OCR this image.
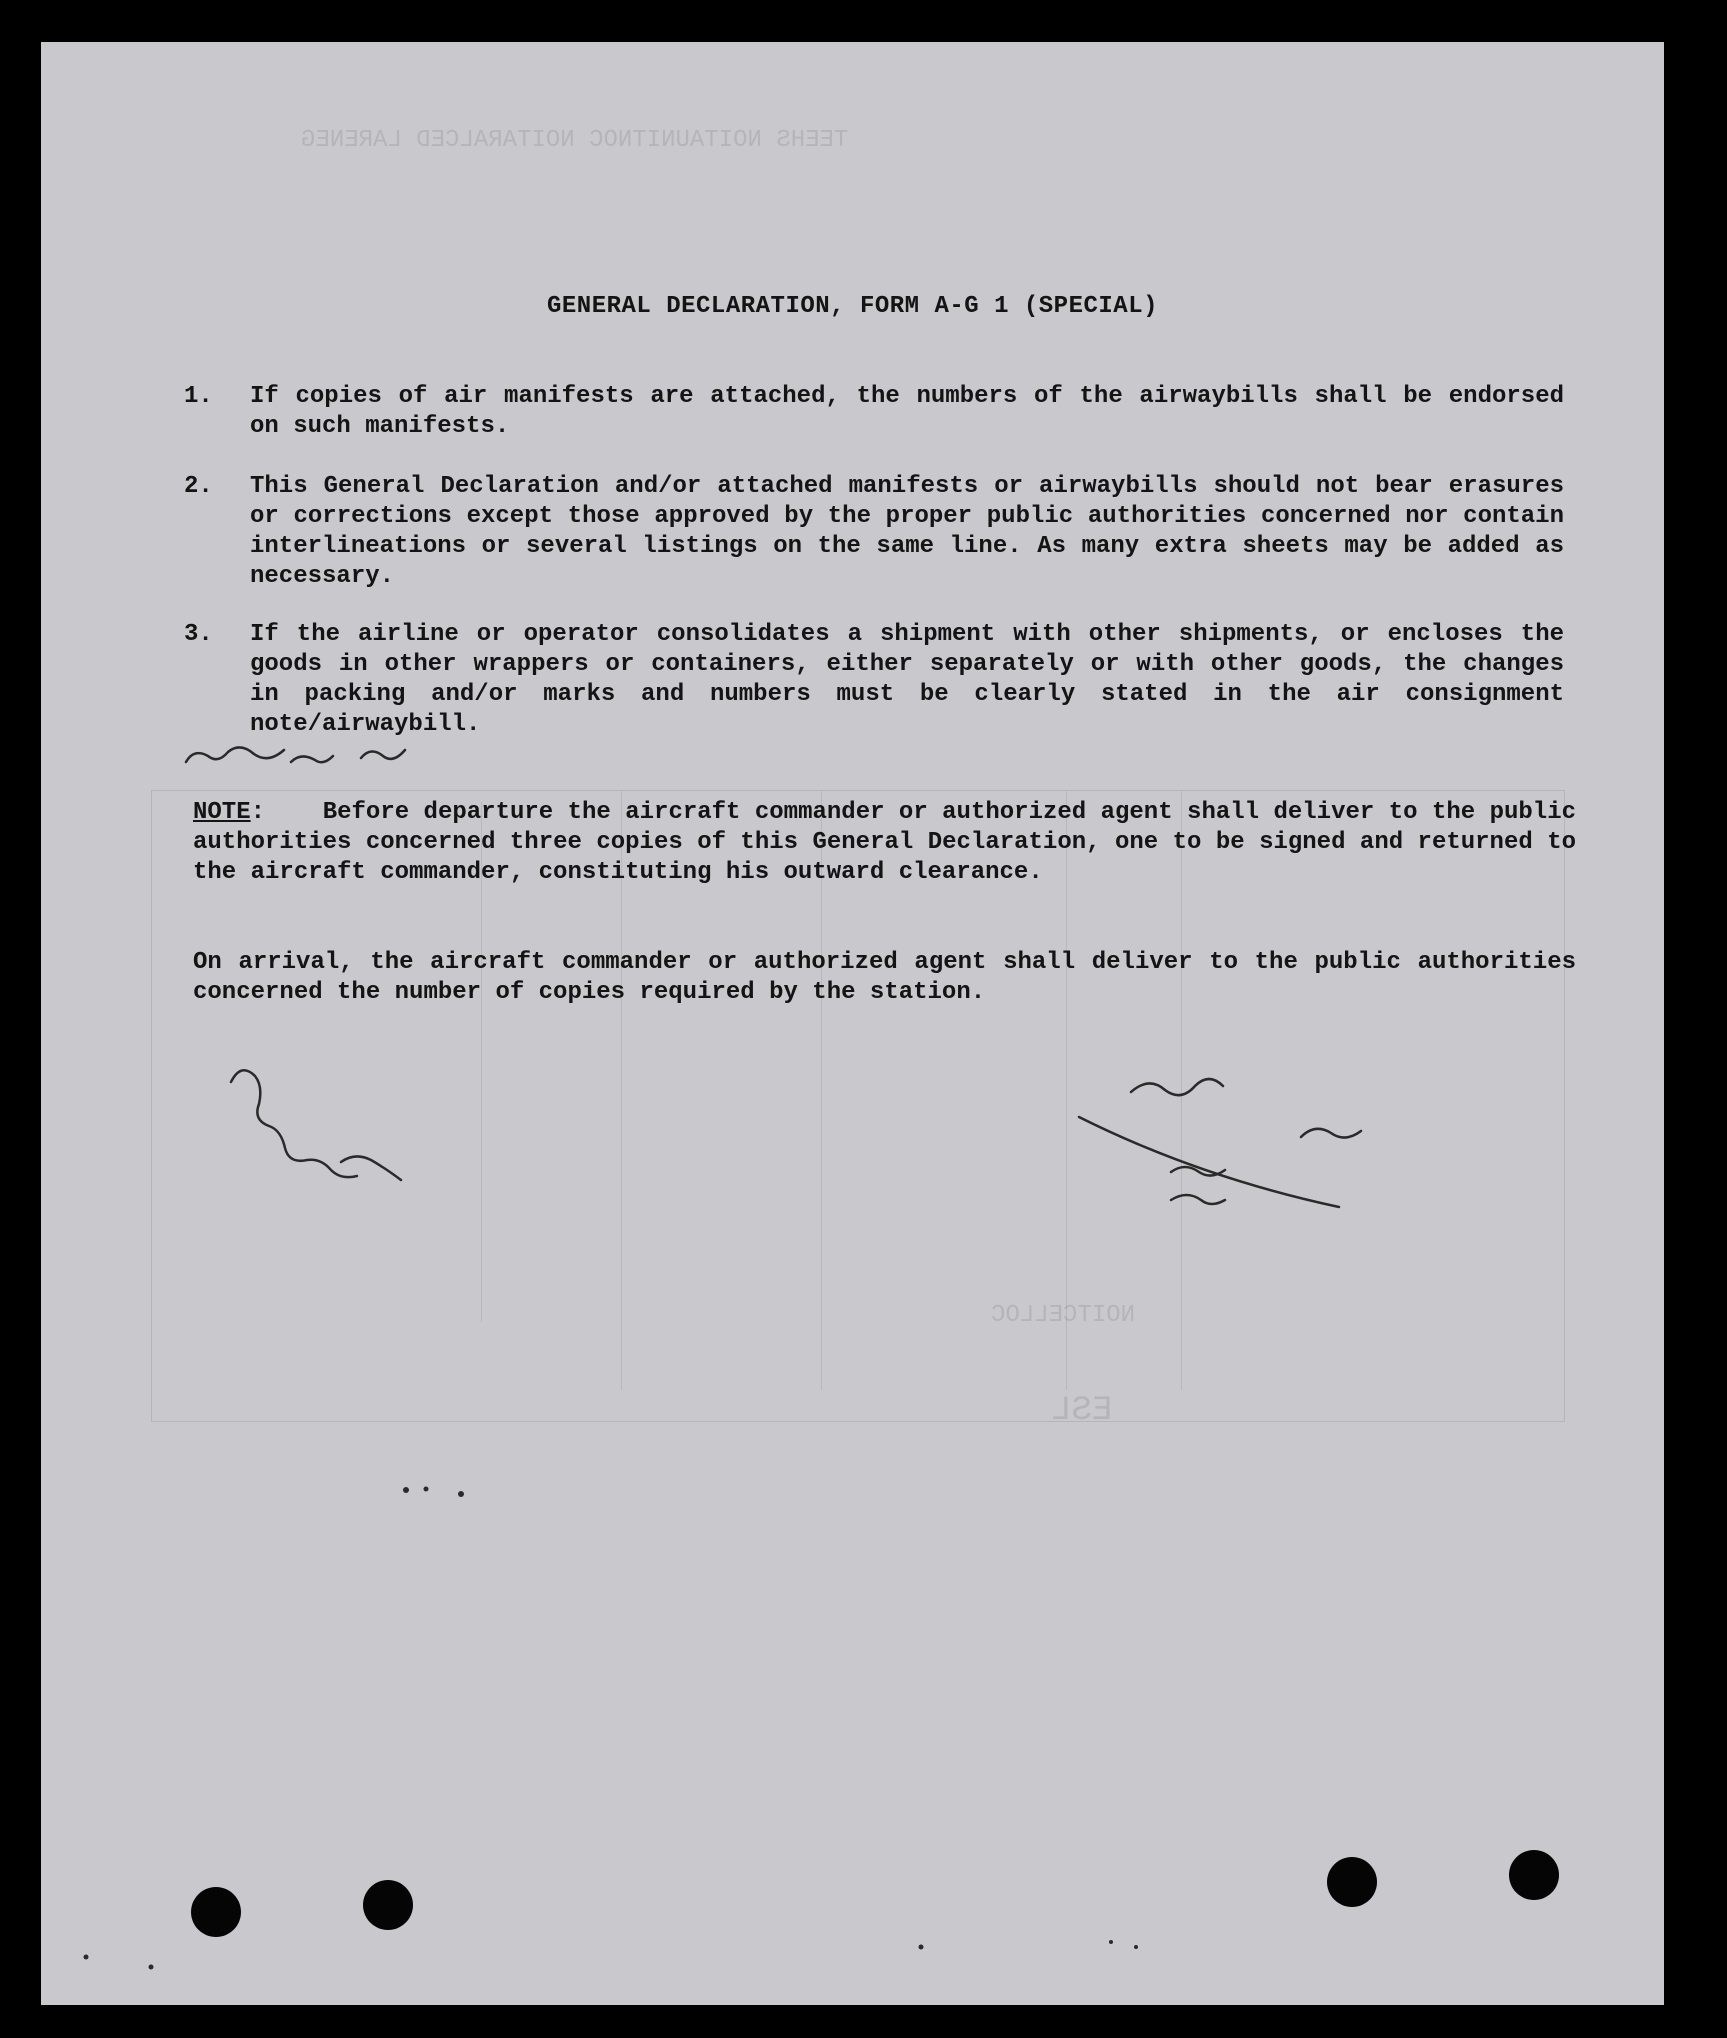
TEEHS NOITAUNITNOC NOITARALCED LARENEG
ESL
NOITCELLOC
GENERAL DECLARATION, FORM A-G 1 (SPECIAL)
1.	If copies of air manifests are attached, the numbers of the airwaybills shall be endorsed on such manifests.
2.	This General Declaration and/or attached manifests or airwaybills should not bear erasures or corrections except those approved by the proper public authorities concerned nor contain interlineations or several listings on the same line. As many extra sheets may be added as necessary.
3.	If the airline or operator consolidates a shipment with other shipments, or encloses the goods in other wrappers or containers, either separately or with other goods, the changes in packing and/or marks and numbers must be clearly stated in the air consignment note/airwaybill.
NOTE:    Before departure the aircraft commander or authorized agent shall deliver to the public authorities concerned three copies of this General Declaration, one to be signed and returned to the aircraft commander, constituting his outward clearance.
On arrival, the aircraft commander or authorized agent shall deliver to the public authorities concerned the number of copies required by the station.
